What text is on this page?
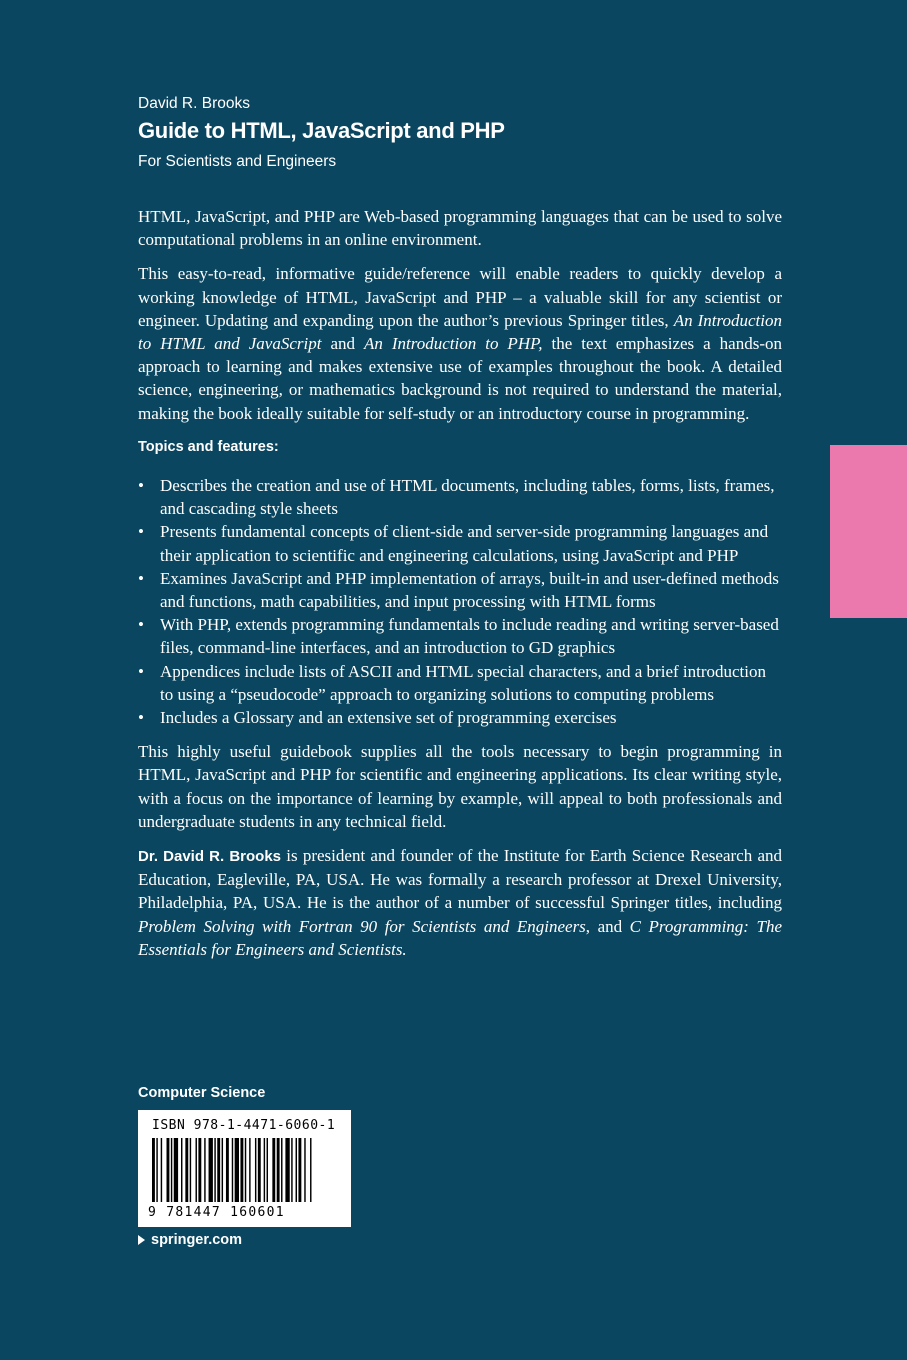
David R. Brooks

Guide to HTML, JavaScript and PHP

For Scientists and Engineers

HTML, JavaScript, and PHP are Web-based programming languages that can be used to solve computational problems in an online environment.

This easy-to-read, informative guide/reference will enable readers to quickly develop a working knowledge of HTML, JavaScript and PHP – a valuable skill for any scientist or engineer. Updating and expanding upon the author’s previous Springer titles, An Introduction to HTML and JavaScript and An Introduction to PHP, the text emphasizes a hands-on approach to learning and makes extensive use of examples throughout the book. A detailed science, engineering, or mathematics background is not required to understand the material, making the book ideally suitable for self-study or an introductory course in programming.

Topics and features:

• Describes the creation and use of HTML documents, including tables, forms, lists, frames, and cascading style sheets
• Presents fundamental concepts of client-side and server-side programming languages and their application to scientific and engineering calculations, using JavaScript and PHP
• Examines JavaScript and PHP implementation of arrays, built-in and user-defined methods and functions, math capabilities, and input processing with HTML forms
• With PHP, extends programming fundamentals to include reading and writing server-based files, command-line interfaces, and an introduction to GD graphics
• Appendices include lists of ASCII and HTML special characters, and a brief introduction to using a “pseudocode” approach to organizing solutions to computing problems
• Includes a Glossary and an extensive set of programming exercises

This highly useful guidebook supplies all the tools necessary to begin programming in HTML, JavaScript and PHP for scientific and engineering applications. Its clear writing style, with a focus on the importance of learning by example, will appeal to both professionals and undergraduate students in any technical field.

Dr. David R. Brooks is president and founder of the Institute for Earth Science Research and Education, Eagleville, PA, USA. He was formally a research professor at Drexel University, Philadelphia, PA, USA. He is the author of a number of successful Springer titles, including Problem Solving with Fortran 90 for Scientists and Engineers, and C Programming: The Essentials for Engineers and Scientists.

Computer Science

ISBN 978-1-4471-6060-1
9 781447 160601
springer.com
